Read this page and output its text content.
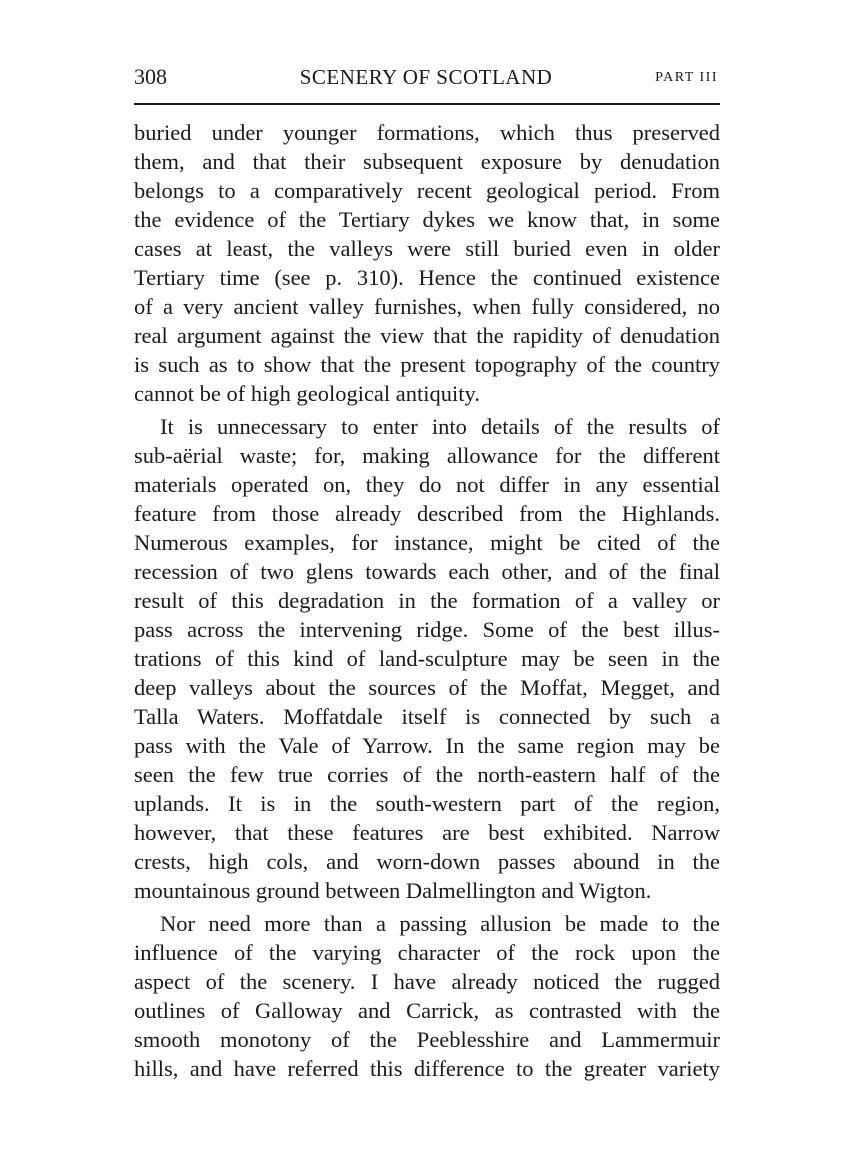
308	SCENERY OF SCOTLAND	PART III
buried under younger formations, which thus preserved
them, and that their subsequent exposure by denudation
belongs to a comparatively recent geological period. From
the evidence of the Tertiary dykes we know that, in some
cases at least, the valleys were still buried even in older
Tertiary time (see p. 310). Hence the continued existence
of a very ancient valley furnishes, when fully considered, no
real argument against the view that the rapidity of denudation
is such as to show that the present topography of the country
cannot be of high geological antiquity.
It is unnecessary to enter into details of the results of
sub-aërial waste; for, making allowance for the different
materials operated on, they do not differ in any essential
feature from those already described from the Highlands.
Numerous examples, for instance, might be cited of the
recession of two glens towards each other, and of the final
result of this degradation in the formation of a valley or
pass across the intervening ridge. Some of the best illus-
trations of this kind of land-sculpture may be seen in the
deep valleys about the sources of the Moffat, Megget, and
Talla Waters. Moffatdale itself is connected by such a
pass with the Vale of Yarrow. In the same region may be
seen the few true corries of the north-eastern half of the
uplands. It is in the south-western part of the region,
however, that these features are best exhibited. Narrow
crests, high cols, and worn-down passes abound in the
mountainous ground between Dalmellington and Wigton.
Nor need more than a passing allusion be made to the
influence of the varying character of the rock upon the
aspect of the scenery. I have already noticed the rugged
outlines of Galloway and Carrick, as contrasted with the
smooth monotony of the Peeblesshire and Lammermuir
hills, and have referred this difference to the greater variety
